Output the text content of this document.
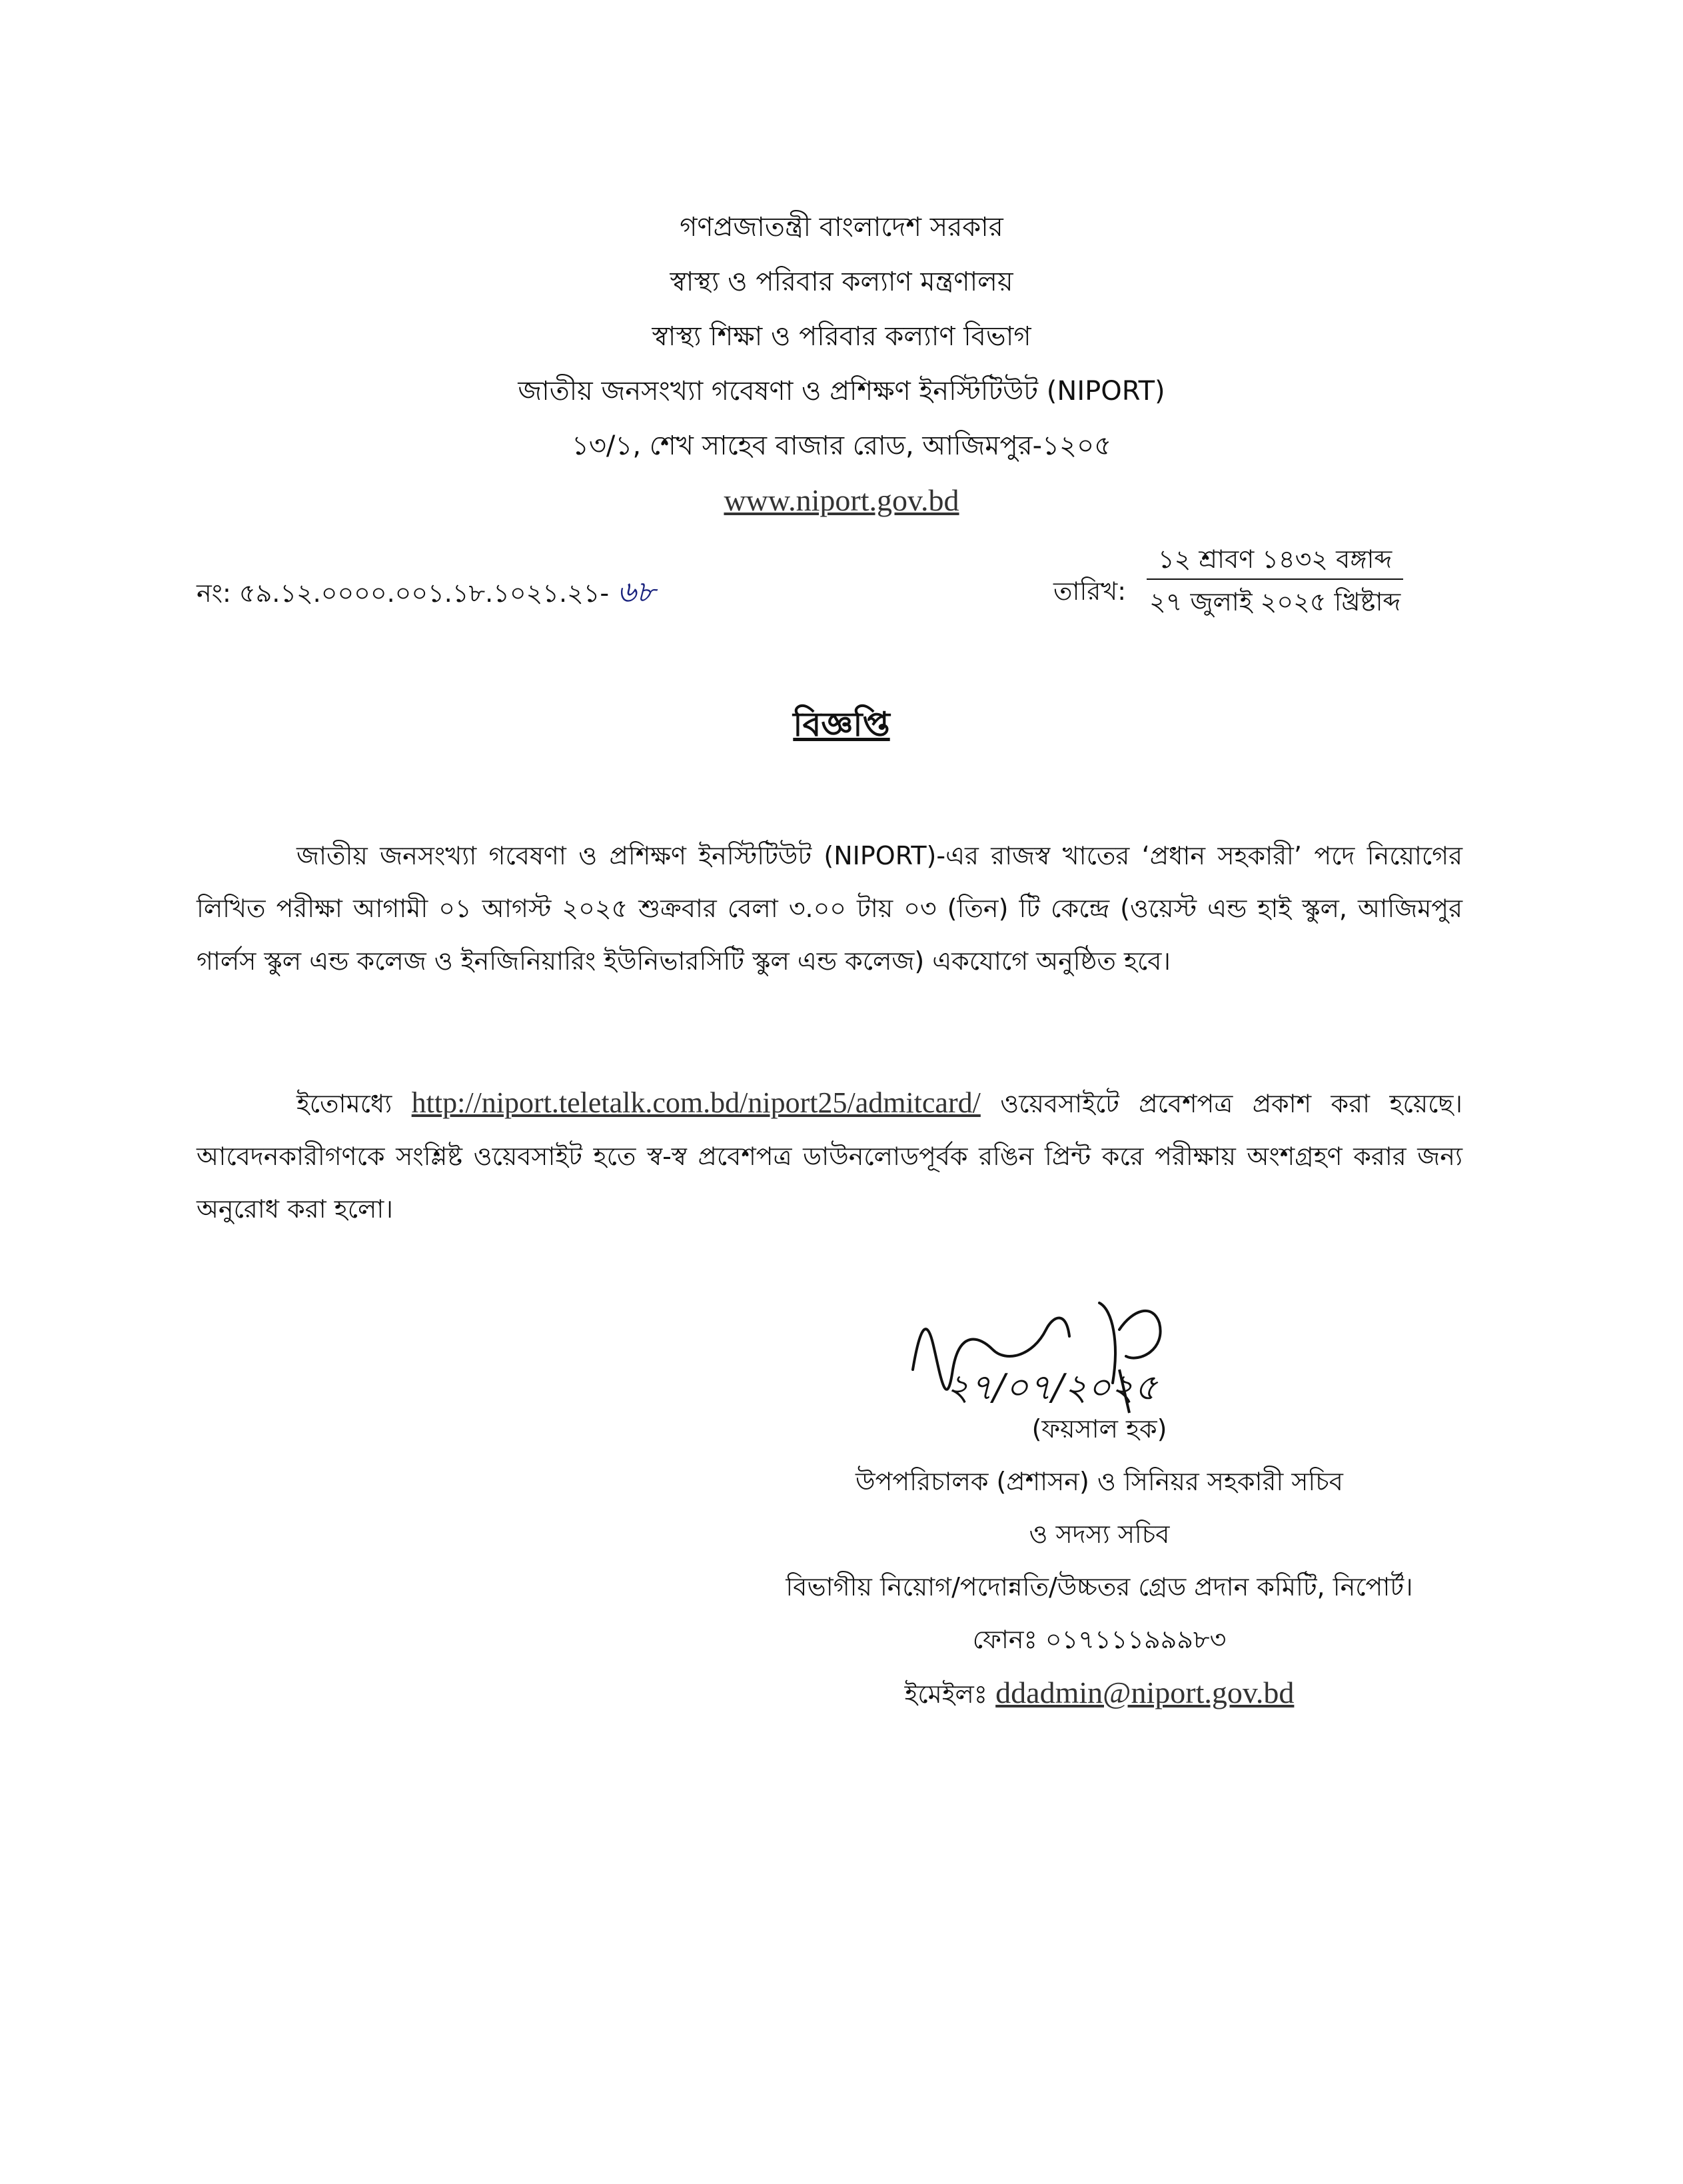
গণপ্রজাতন্ত্রী বাংলাদেশ সরকার
স্বাস্থ্য ও পরিবার কল্যাণ মন্ত্রণালয়
স্বাস্থ্য শিক্ষা ও পরিবার কল্যাণ বিভাগ
জাতীয় জনসংখ্যা গবেষণা ও প্রশিক্ষণ ইনস্টিটিউট (NIPORT)
১৩/১, শেখ সাহেব বাজার রোড, আজিমপুর-১২০৫
www.niport.gov.bd
নং: ৫৯.১২.০০০০.০০১.১৮.১০২১.২১- ৬৮	তারিখ:
১২ শ্রাবণ ১৪৩২ বঙ্গাব্দ
২৭ জুলাই ২০২৫ খ্রিষ্টাব্দ
বিজ্ঞপ্তি
জাতীয় জনসংখ্যা গবেষণা ও প্রশিক্ষণ ইনস্টিটিউট (NIPORT)-এর রাজস্ব খাতের ‘প্রধান সহকারী’ পদে নিয়োগের লিখিত পরীক্ষা আগামী ০১ আগস্ট ২০২৫ শুক্রবার বেলা ৩.০০ টায় ০৩ (তিন) টি কেন্দ্রে (ওয়েস্ট এন্ড হাই স্কুল, আজিমপুর গার্লস স্কুল এন্ড কলেজ ও ইনজিনিয়ারিং ইউনিভারসিটি স্কুল এন্ড কলেজ) একযোগে অনুষ্ঠিত হবে।
ইতোমধ্যে http://niport.teletalk.com.bd/niport25/admitcard/ ওয়েবসাইটে প্রবেশপত্র প্রকাশ করা হয়েছে। আবেদনকারীগণকে সংশ্লিষ্ট ওয়েবসাইট হতে স্ব-স্ব প্রবেশপত্র ডাউনলোডপূর্বক রঙিন প্রিন্ট করে পরীক্ষায় অংশগ্রহণ করার জন্য অনুরোধ করা হলো।
২৭/০৭/২০২৫
(ফয়সাল হক)
উপপরিচালক (প্রশাসন) ও সিনিয়র সহকারী সচিব
ও সদস্য সচিব
বিভাগীয় নিয়োগ/পদোন্নতি/উচ্চতর গ্রেড প্রদান কমিটি, নিপোর্ট।
ফোনঃ ০১৭১১১৯৯৯৮৩
ইমেইলঃ ddadmin@niport.gov.bd
